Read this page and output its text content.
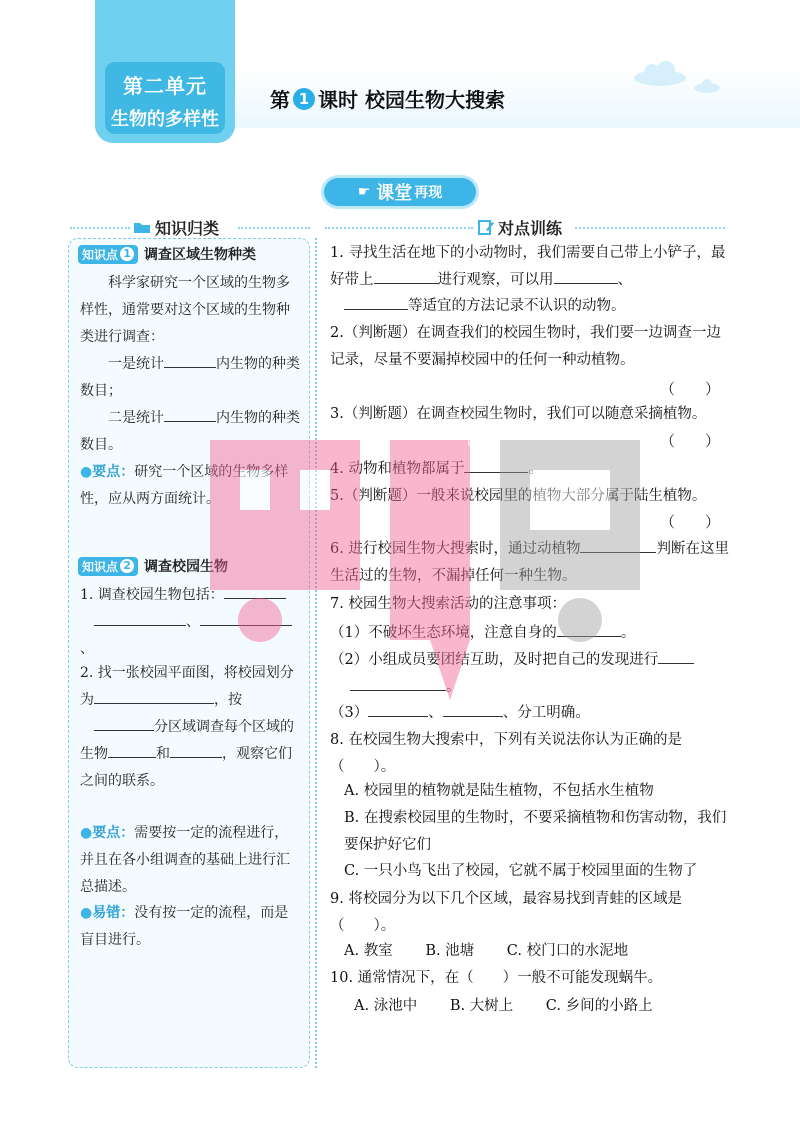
第二单元
生物的多样性
第 1 课时 校园生物大搜索
☛ 课堂 再现
知识归类	对点训练
知识点 1 调查区域生物种类
科学家研究一个区域的生物多样性，通常要对这个区域的生物种类进行调查：
一是统计	内生物的种类数目；
二是统计	内生物的种类数目。
●要点：研究一个区域的生物多样性，应从两方面统计。
知识点 2 调查校园生物
1. 调查校园生物包括：
、、
2. 找一张校园平面图，将校园划分为	，按
分区域调查每个区域的生物	和	，观察它们之间的联系。
●要点：需要按一定的流程进行，并且在各小组调查的基础上进行汇总描述。
●易错：没有按一定的流程，而是盲目进行。
1. 寻找生活在地下的小动物时，我们需要自己带上小铲子，最好带上	进行观察，可以用	、
等适宜的方法记录不认识的动物。
2.（判断题）在调查我们的校园生物时，我们要一边调查一边记录，尽量不要漏掉校园中的任何一种动植物。
（　　）
3.（判断题）在调查校园生物时，我们可以随意采摘植物。
（　　）
4. 动物和植物都属于	。
5.（判断题）一般来说校园里的植物大部分属于陆生植物。
（　　）
6. 进行校园生物大搜索时，通过动植物	判断在这里生活过的生物，不漏掉任何一种生物。
7. 校园生物大搜索活动的注意事项：
（1）不破坏生态环境，注意自身的	。
（2）小组成员要团结互助，及时把自己的发现进行
。
（3）	、	、分工明确。
8. 在校园生物大搜索中，下列有关说法你认为正确的是（　　）。
A. 校园里的植物就是陆生植物，不包括水生植物
B. 在搜索校园里的生物时，不要采摘植物和伤害动物，我们要保护好它们
C. 一只小鸟飞出了校园，它就不属于校园里面的生物了
9. 将校园分为以下几个区域，最容易找到青蛙的区域是（　　）。
A. 教室 B. 池塘 C. 校门口的水泥地
10. 通常情况下，在（　　）一般不可能发现蜗牛。
A. 泳池中 B. 大树上 C. 乡间的小路上
Since 1999
典中点教辅
